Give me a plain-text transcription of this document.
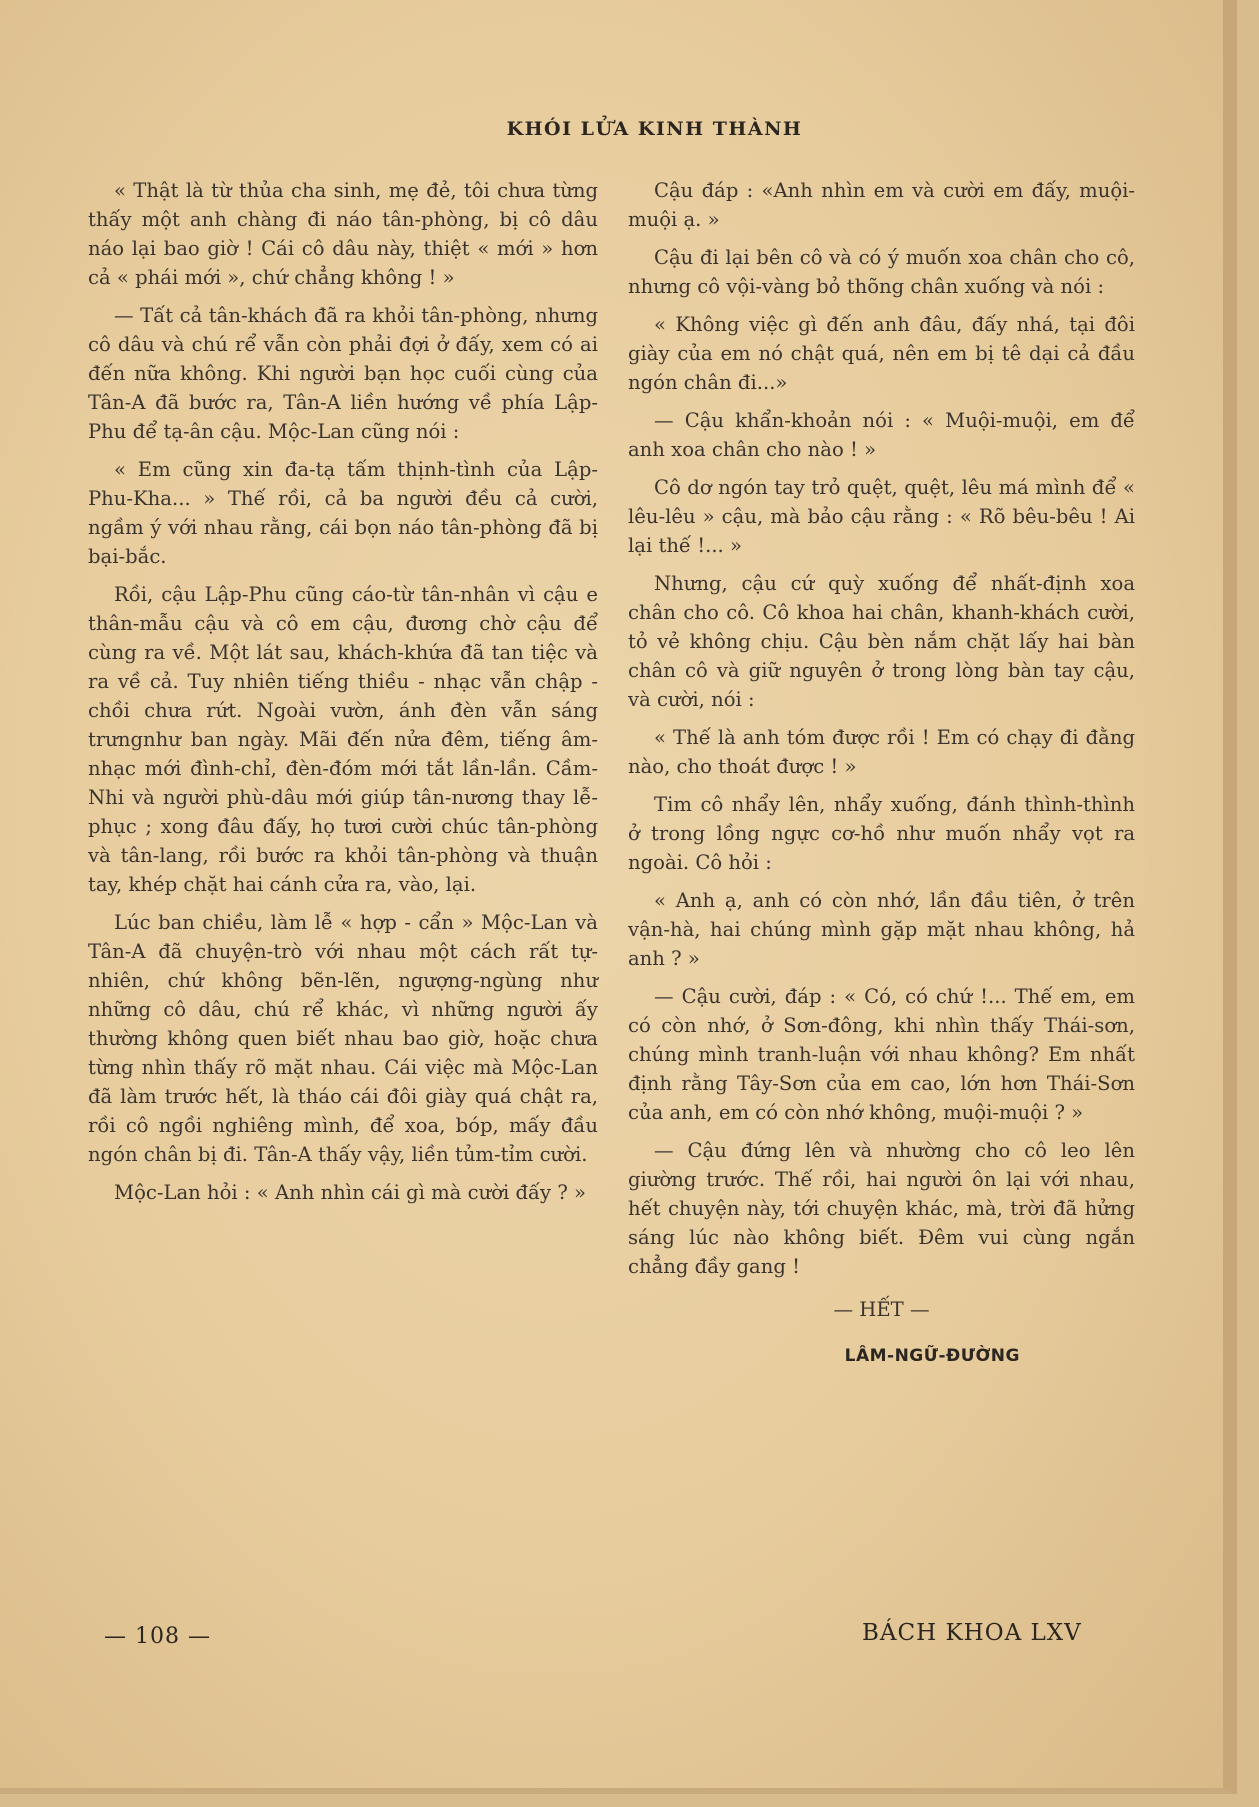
KHÓI LỬA KINH THÀNH

« Thật là từ thủa cha sinh, mẹ đẻ, tôi chưa từng thấy một anh chàng đi náo tân-phòng, bị cô dâu náo lại bao giờ ! Cái cô dâu này, thiệt « mới » hơn cả « phái mới », chứ chẳng không ! »

— Tất cả tân-khách đã ra khỏi tân-phòng, nhưng cô dâu và chú rể vẫn còn phải đợi ở đấy, xem có ai đến nữa không. Khi người bạn học cuối cùng của Tân-A đã bước ra, Tân-A liền hướng về phía Lập-Phu để tạ-ân cậu. Mộc-Lan cũng nói :

« Em cũng xin đa-tạ tấm thịnh-tình của Lập-Phu-Kha... » Thế rồi, cả ba người đều cả cười, ngầm ý với nhau rằng, cái bọn náo tân-phòng đã bị bại-bắc.

Rồi, cậu Lập-Phu cũng cáo-từ tân-nhân vì cậu e thân-mẫu cậu và cô em cậu, đương chờ cậu để cùng ra về. Một lát sau, khách-khứa đã tan tiệc và ra về cả. Tuy nhiên tiếng thiều - nhạc vẫn chập - chồi chưa rứt. Ngoài vườn, ánh đèn vẫn sáng trưngnhư ban ngày. Mãi đến nửa đêm, tiếng âm-nhạc mới đình-chỉ, đèn-đóm mới tắt lần-lần. Cầm-Nhi và người phù-dâu mới giúp tân-nương thay lễ-phục ; xong đâu đấy, họ tươi cười chúc tân-phòng và tân-lang, rồi bước ra khỏi tân-phòng và thuận tay, khép chặt hai cánh cửa ra, vào, lại.

Lúc ban chiều, làm lễ « hợp - cẩn » Mộc-Lan và Tân-A đã chuyện-trò với nhau một cách rất tự-nhiên, chứ không bẽn-lẽn, ngượng-ngùng như những cô dâu, chú rể khác, vì những người ấy thường không quen biết nhau bao giờ, hoặc chưa từng nhìn thấy rõ mặt nhau. Cái việc mà Mộc-Lan đã làm trước hết, là tháo cái đôi giày quá chật ra, rồi cô ngồi nghiêng mình, để xoa, bóp, mấy đầu ngón chân bị đi. Tân-A thấy vậy, liền tủm-tỉm cười.

Mộc-Lan hỏi : « Anh nhìn cái gì mà cười đấy ? »

Cậu đáp : «Anh nhìn em và cười em đấy, muội-muội ạ. »

Cậu đi lại bên cô và có ý muốn xoa chân cho cô, nhưng cô vội-vàng bỏ thõng chân xuống và nói :

« Không việc gì đến anh đâu, đấy nhá, tại đôi giày của em nó chật quá, nên em bị tê dại cả đầu ngón chân đi...»

— Cậu khẩn-khoản nói : « Muội-muội, em để anh xoa chân cho nào ! »

Cô dơ ngón tay trỏ quệt, quệt, lêu má mình để « lêu-lêu » cậu, mà bảo cậu rằng : « Rõ bêu-bêu ! Ai lại thế !... »

Nhưng, cậu cứ quỳ xuống để nhất-định xoa chân cho cô. Cô khoa hai chân, khanh-khách cười, tỏ vẻ không chịu. Cậu bèn nắm chặt lấy hai bàn chân cô và giữ nguyên ở trong lòng bàn tay cậu, và cười, nói :

« Thế là anh tóm được rồi ! Em có chạy đi đằng nào, cho thoát được ! »

Tim cô nhẩy lên, nhẩy xuống, đánh thình-thình ở trong lồng ngực cơ-hồ như muốn nhẩy vọt ra ngoài. Cô hỏi :

« Anh ạ, anh có còn nhớ, lần đầu tiên, ở trên vận-hà, hai chúng mình gặp mặt nhau không, hả anh ? »

— Cậu cười, đáp : « Có, có chứ !... Thế em, em có còn nhớ, ở Sơn-đông, khi nhìn thấy Thái-sơn, chúng mình tranh-luận với nhau không? Em nhất định rằng Tây-Sơn của em cao, lớn hơn Thái-Sơn của anh, em có còn nhớ không, muội-muội ? »

— Cậu đứng lên và nhường cho cô leo lên giường trước. Thế rồi, hai người ôn lại với nhau, hết chuyện này, tới chuyện khác, mà, trời đã hửng sáng lúc nào không biết. Đêm vui cùng ngắn chẳng đầy gang !

— HẾT —

LÂM-NGỮ-ĐƯỜNG

— 108 —	BÁCH KHOA LXV
